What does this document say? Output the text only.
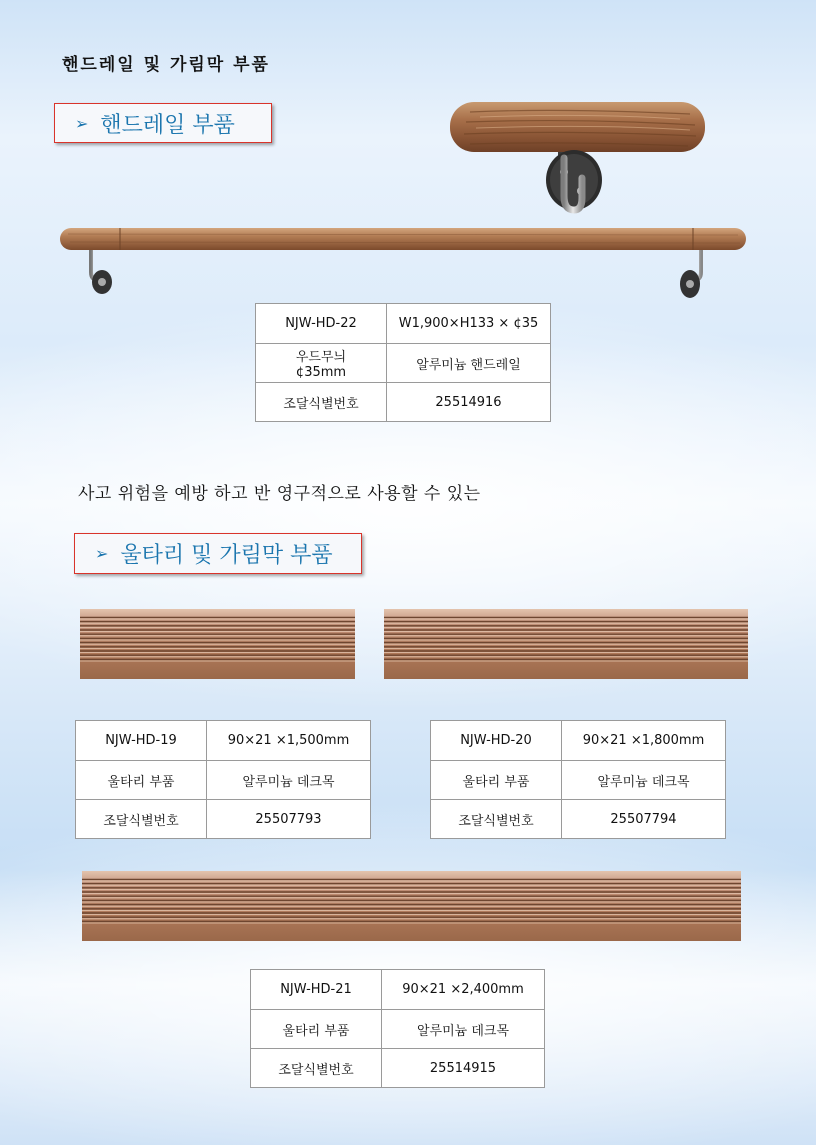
핸드레일 및 가림막 부품
➢ 핸드레일 부품
NJW-HD-22	W1,900×H133 × ¢35

우드무늬
¢35mm	알루미늄 핸드레일
조달식별번호	25514916
사고 위험을 예방 하고 반 영구적으로 사용할 수 있는
➢ 울타리 및 가림막 부품
NJW-HD-19	90×21 ×1,500mm
울타리 부품	알루미늄 데크목
조달식별번호	25507793
NJW-HD-20	90×21 ×1,800mm
울타리 부품	알루미늄 데크목
조달식별번호	25507794
NJW-HD-21	90×21 ×2,400mm
울타리 부품	알루미늄 데크목
조달식별번호	25514915
